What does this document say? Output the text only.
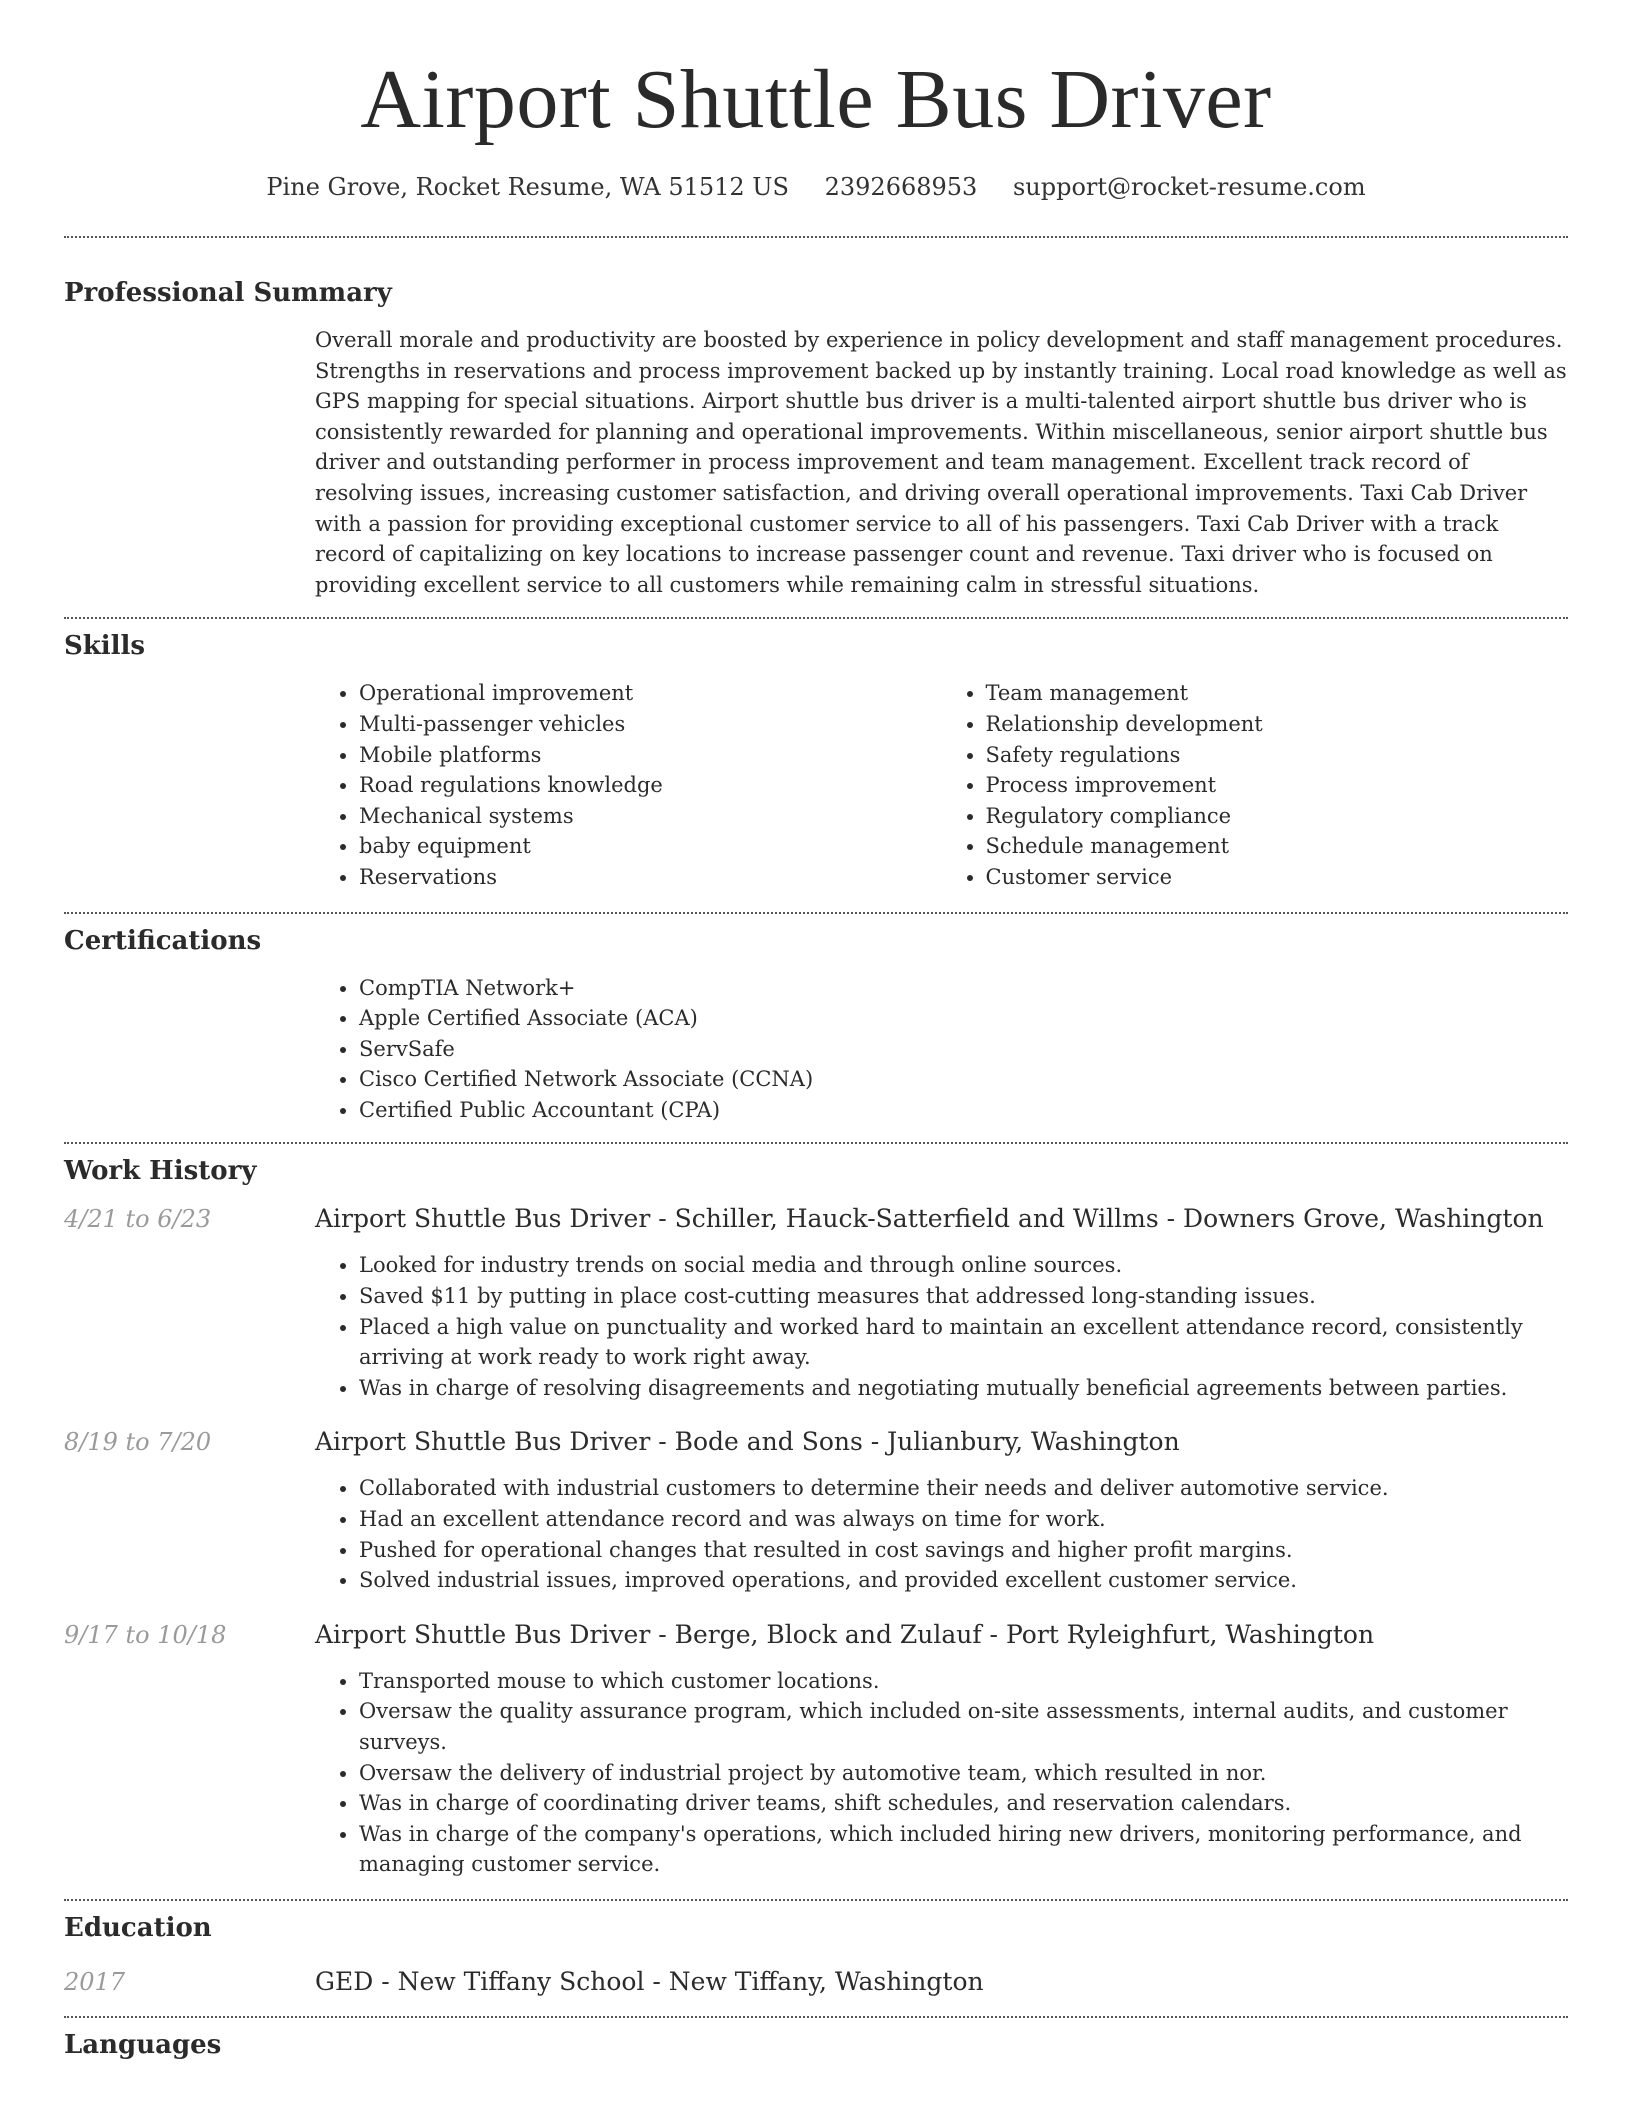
Airport Shuttle Bus Driver
Pine Grove, Rocket Resume, WA 51512 US 2392668953 support@rocket-resume.com
Professional Summary
Overall morale and productivity are boosted by experience in policy development and staff management procedures. Strengths in reservations and process improvement backed up by instantly training. Local road knowledge as well as GPS mapping for special situations. Airport shuttle bus driver is a multi-talented airport shuttle bus driver who is consistently rewarded for planning and operational improvements. Within miscellaneous, senior airport shuttle bus driver and outstanding performer in process improvement and team management. Excellent track record of resolving issues, increasing customer satisfaction, and driving overall operational improvements. Taxi Cab Driver with a passion for providing exceptional customer service to all of his passengers. Taxi Cab Driver with a track record of capitalizing on key locations to increase passenger count and revenue. Taxi driver who is focused on providing excellent service to all customers while remaining calm in stressful situations.
Skills
• Operational improvement
• Multi-passenger vehicles
• Mobile platforms
• Road regulations knowledge
• Mechanical systems
• baby equipment
• Reservations
• Team management
• Relationship development
• Safety regulations
• Process improvement
• Regulatory compliance
• Schedule management
• Customer service
Certifications
• CompTIA Network+
• Apple Certified Associate (ACA)
• ServSafe
• Cisco Certified Network Associate (CCNA)
• Certified Public Accountant (CPA)
Work History
4/21 to 6/23	Airport Shuttle Bus Driver - Schiller, Hauck-Satterfield and Willms - Downers Grove, Washington
• Looked for industry trends on social media and through online sources.
• Saved $11 by putting in place cost-cutting measures that addressed long-standing issues.
• Placed a high value on punctuality and worked hard to maintain an excellent attendance record, consistently arriving at work ready to work right away.
• Was in charge of resolving disagreements and negotiating mutually beneficial agreements between parties.
8/19 to 7/20	Airport Shuttle Bus Driver - Bode and Sons - Julianbury, Washington
• Collaborated with industrial customers to determine their needs and deliver automotive service.
• Had an excellent attendance record and was always on time for work.
• Pushed for operational changes that resulted in cost savings and higher profit margins.
• Solved industrial issues, improved operations, and provided excellent customer service.
9/17 to 10/18	Airport Shuttle Bus Driver - Berge, Block and Zulauf - Port Ryleighfurt, Washington
• Transported mouse to which customer locations.
• Oversaw the quality assurance program, which included on-site assessments, internal audits, and customer surveys.
• Oversaw the delivery of industrial project by automotive team, which resulted in nor.
• Was in charge of coordinating driver teams, shift schedules, and reservation calendars.
• Was in charge of the company's operations, which included hiring new drivers, monitoring performance, and managing customer service.
Education
2017	GED - New Tiffany School - New Tiffany, Washington
Languages
